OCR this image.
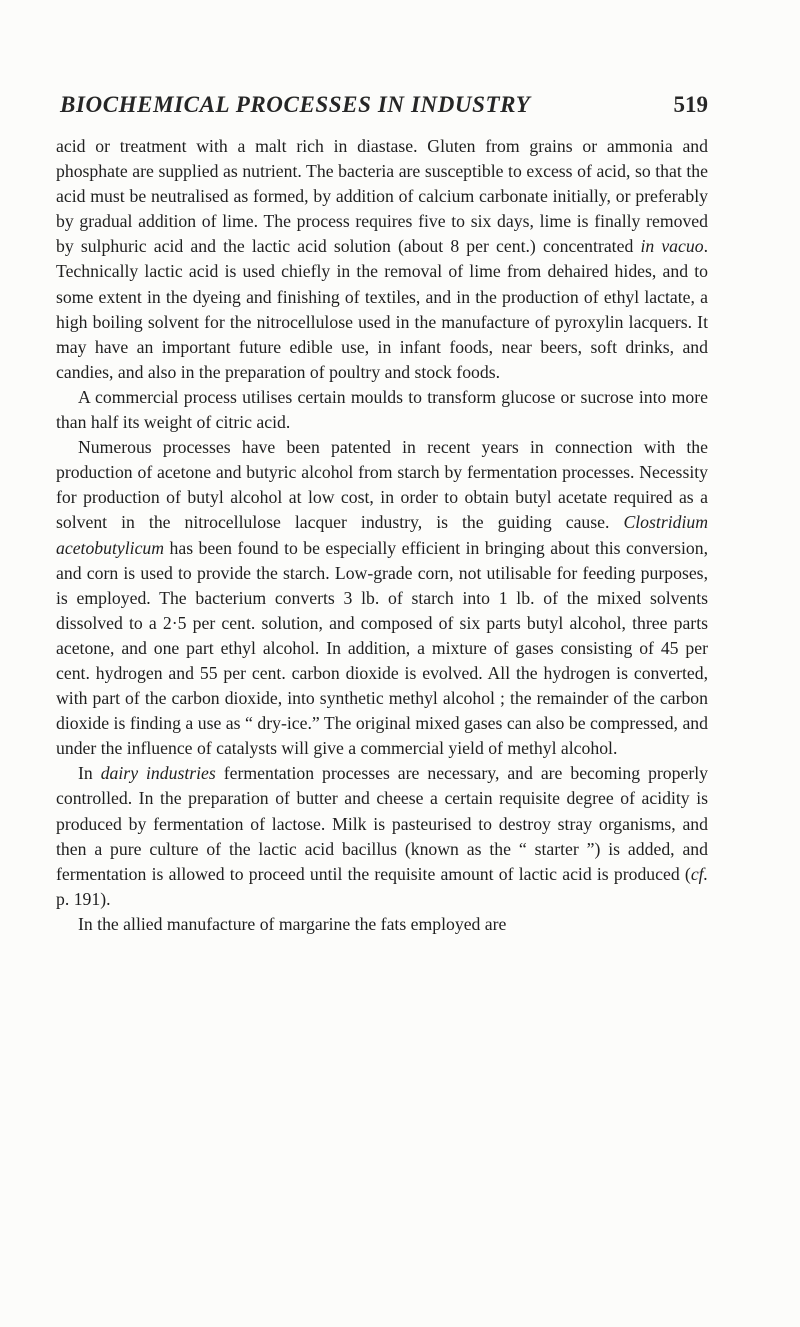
BIOCHEMICAL PROCESSES IN INDUSTRY	519

acid or treatment with a malt rich in diastase. Gluten from grains or ammonia and phosphate are supplied as nutrient. The bacteria are susceptible to excess of acid, so that the acid must be neutralised as formed, by addition of calcium carbonate initially, or preferably by gradual addition of lime. The process requires five to six days, lime is finally removed by sulphuric acid and the lactic acid solution (about 8 per cent.) concentrated in vacuo. Technically lactic acid is used chiefly in the removal of lime from dehaired hides, and to some extent in the dyeing and finishing of textiles, and in the production of ethyl lactate, a high boiling solvent for the nitrocellulose used in the manufacture of pyroxylin lacquers. It may have an important future edible use, in infant foods, near beers, soft drinks, and candies, and also in the preparation of poultry and stock foods.

A commercial process utilises certain moulds to transform glucose or sucrose into more than half its weight of citric acid.

Numerous processes have been patented in recent years in connection with the production of acetone and butyric alcohol from starch by fermentation processes. Necessity for production of butyl alcohol at low cost, in order to obtain butyl acetate required as a solvent in the nitrocellulose lacquer industry, is the guiding cause. Clostridium acetobutylicum has been found to be especially efficient in bringing about this conversion, and corn is used to provide the starch. Low-grade corn, not utilisable for feeding purposes, is employed. The bacterium converts 3 lb. of starch into 1 lb. of the mixed solvents dissolved to a 2·5 per cent. solution, and composed of six parts butyl alcohol, three parts acetone, and one part ethyl alcohol. In addition, a mixture of gases consisting of 45 per cent. hydrogen and 55 per cent. carbon dioxide is evolved. All the hydrogen is converted, with part of the carbon dioxide, into synthetic methyl alcohol ; the remainder of the carbon dioxide is finding a use as “ dry-ice.” The original mixed gases can also be compressed, and under the influence of catalysts will give a commercial yield of methyl alcohol.

In dairy industries fermentation processes are necessary, and are becoming properly controlled. In the preparation of butter and cheese a certain requisite degree of acidity is produced by fermentation of lactose. Milk is pasteurised to destroy stray organisms, and then a pure culture of the lactic acid bacillus (known as the “ starter ”) is added, and fermentation is allowed to proceed until the requisite amount of lactic acid is produced (cf. p. 191).

In the allied manufacture of margarine the fats employed are
